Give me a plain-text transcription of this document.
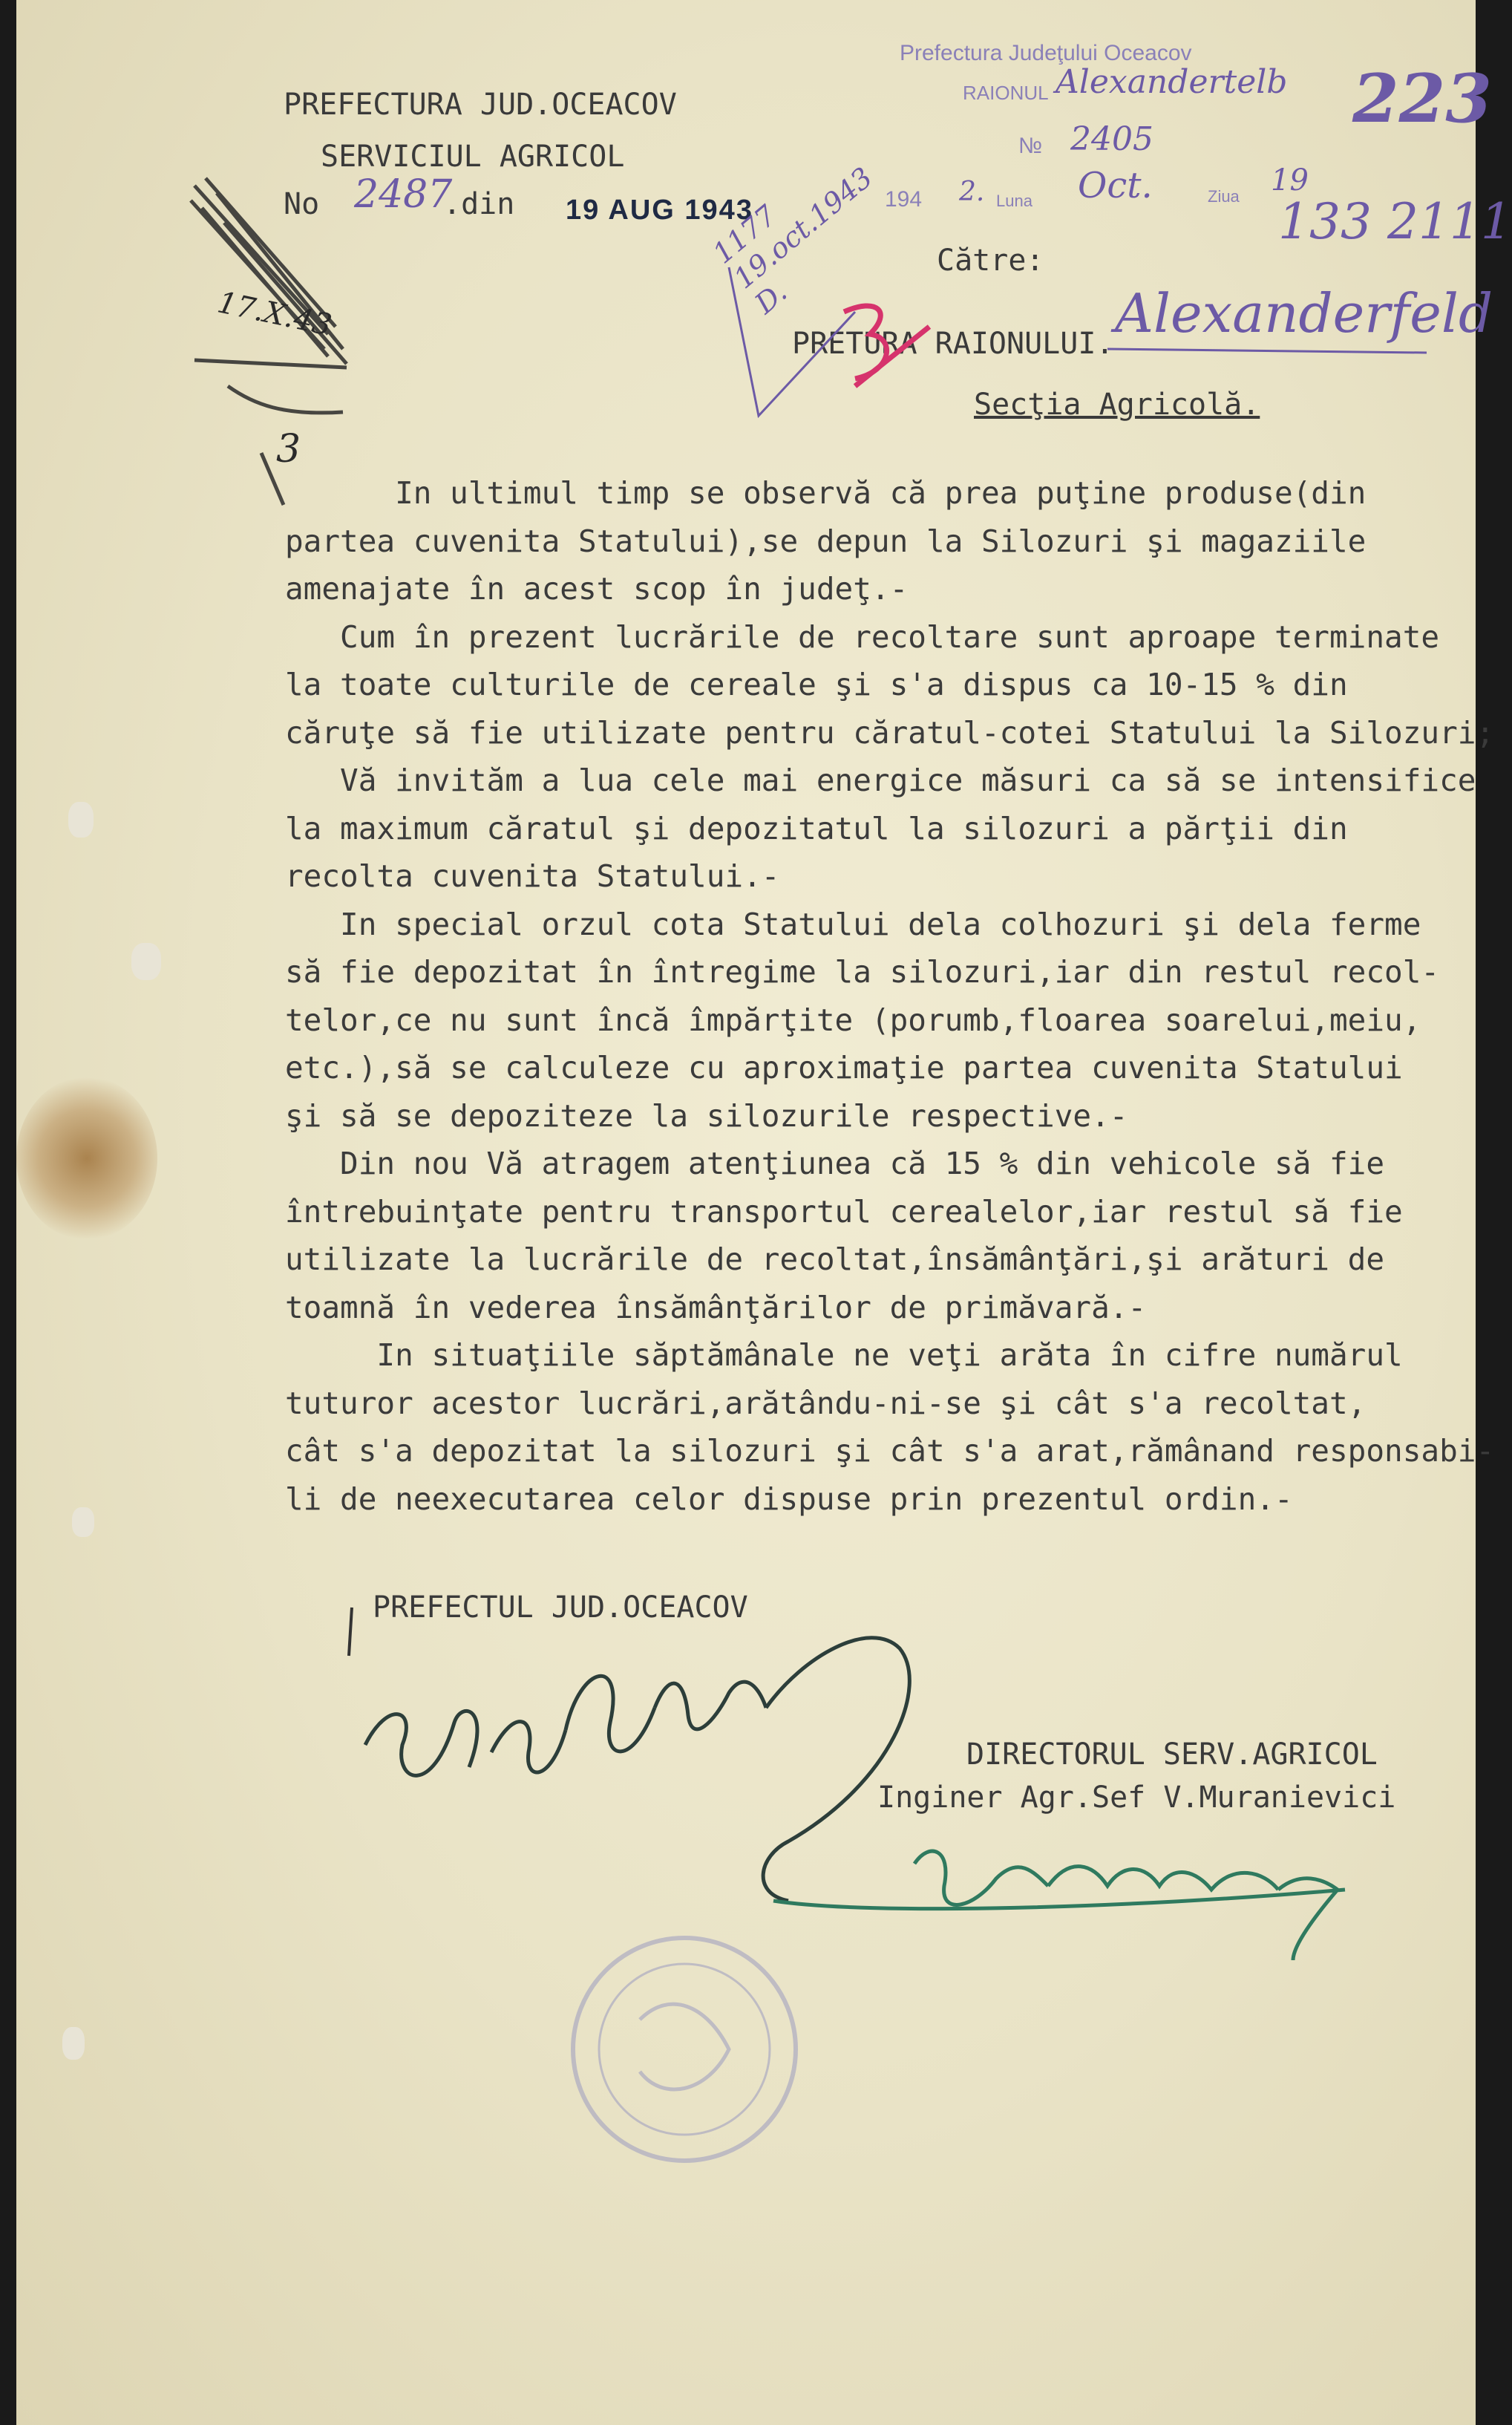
PREFECTURA JUD.OCEACOV
SERVICIUL AGRICOL
No 2487
.din 19 AUG 1943
Prefectura Judeţului Oceacov
RAIONUL Alexandertelb
№ 2405
194 2. Luna Oct.	Ziua 19
223
133 2111
17.X.43
3
1177
19.oct.1943
D.
Către:
PRETURA RAIONULUI. Alexanderfeld
Secţia Agricolă.
In ultimul timp se observă că prea puţine produse(din
partea cuvenita Statului),se depun la Silozuri şi magaziile
amenajate în acest scop în judeţ.-
Cum în prezent lucrările de recoltare sunt aproape terminate
la toate culturile de cereale şi s'a dispus ca 10-15 % din
căruţe să fie utilizate pentru căratul-cotei Statului la Silozuri;
Vă invităm a lua cele mai energice măsuri ca să se intensifice
la maximum căratul şi depozitatul la silozuri a părţii din
recolta cuvenita Statului.-
In special orzul cota Statului dela colhozuri şi dela ferme
să fie depozitat în întregime la silozuri,iar din restul recol-
telor,ce nu sunt încă împărţite (porumb,floarea soarelui,meiu,
etc.),să se calculeze cu aproximaţie partea cuvenita Statului
şi să se depoziteze la silozurile respective.-
Din nou Vă atragem atenţiunea că 15 % din vehicole să fie
întrebuinţate pentru transportul cerealelor,iar restul să fie
utilizate la lucrările de recoltat,însămânţări,şi arături de
toamnă în vederea însămânţărilor de primăvară.-
In situaţiile săptămânale ne veţi arăta în cifre numărul
tuturor acestor lucrări,arătându-ni-se şi cât s'a recoltat,
cât s'a depozitat la silozuri şi cât s'a arat,rămânand responsabi-
li de neexecutarea celor dispuse prin prezentul ordin.-
PREFECTUL JUD.OCEACOV
DIRECTORUL SERV.AGRICOL
Inginer Agr.Sef V.Muranievici
